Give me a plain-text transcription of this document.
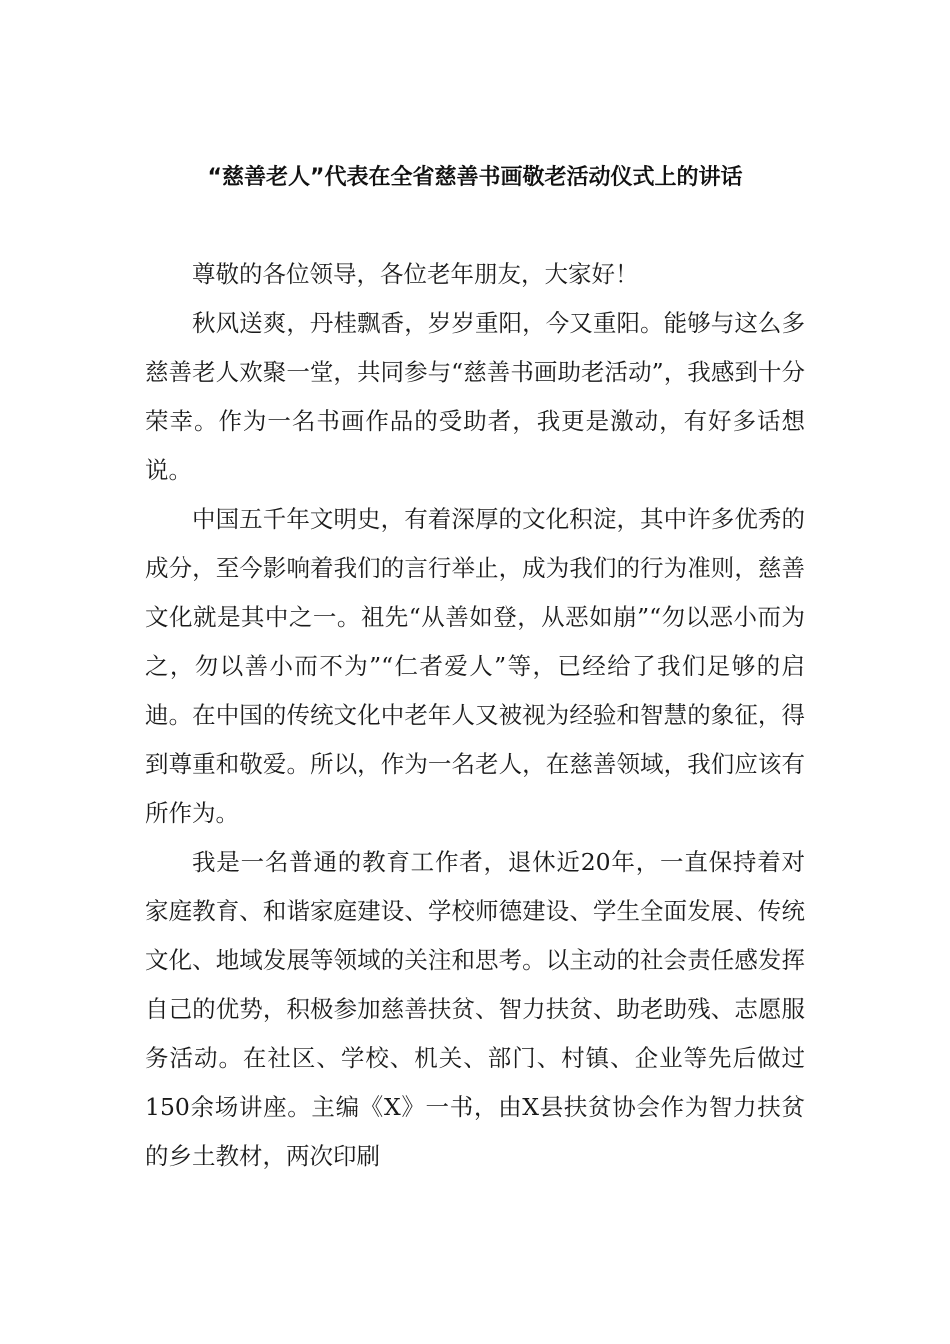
“慈善老人”代表在全省慈善书画敬老活动仪式上的讲话

尊敬的各位领导，各位老年朋友，大家好！

秋风送爽，丹桂飘香，岁岁重阳，今又重阳。能够与这么多慈善老人欢聚一堂，共同参与“慈善书画助老活动”，我感到十分荣幸。作为一名书画作品的受助者，我更是激动，有好多话想说。

中国五千年文明史，有着深厚的文化积淀，其中许多优秀的成分，至今影响着我们的言行举止，成为我们的行为准则，慈善文化就是其中之一。祖先“从善如登，从恶如崩”“勿以恶小而为之，勿以善小而不为”“仁者爱人”等，已经给了我们足够的启迪。在中国的传统文化中老年人又被视为经验和智慧的象征，得到尊重和敬爱。所以，作为一名老人，在慈善领域，我们应该有所作为。

我是一名普通的教育工作者，退休近20年，一直保持着对家庭教育、和谐家庭建设、学校师德建设、学生全面发展、传统文化、地域发展等领域的关注和思考。以主动的社会责任感发挥自己的优势，积极参加慈善扶贫、智力扶贫、助老助残、志愿服务活动。在社区、学校、机关、部门、村镇、企业等先后做过150余场讲座。主编《X》一书，由X县扶贫协会作为智力扶贫的乡土教材，两次印刷
